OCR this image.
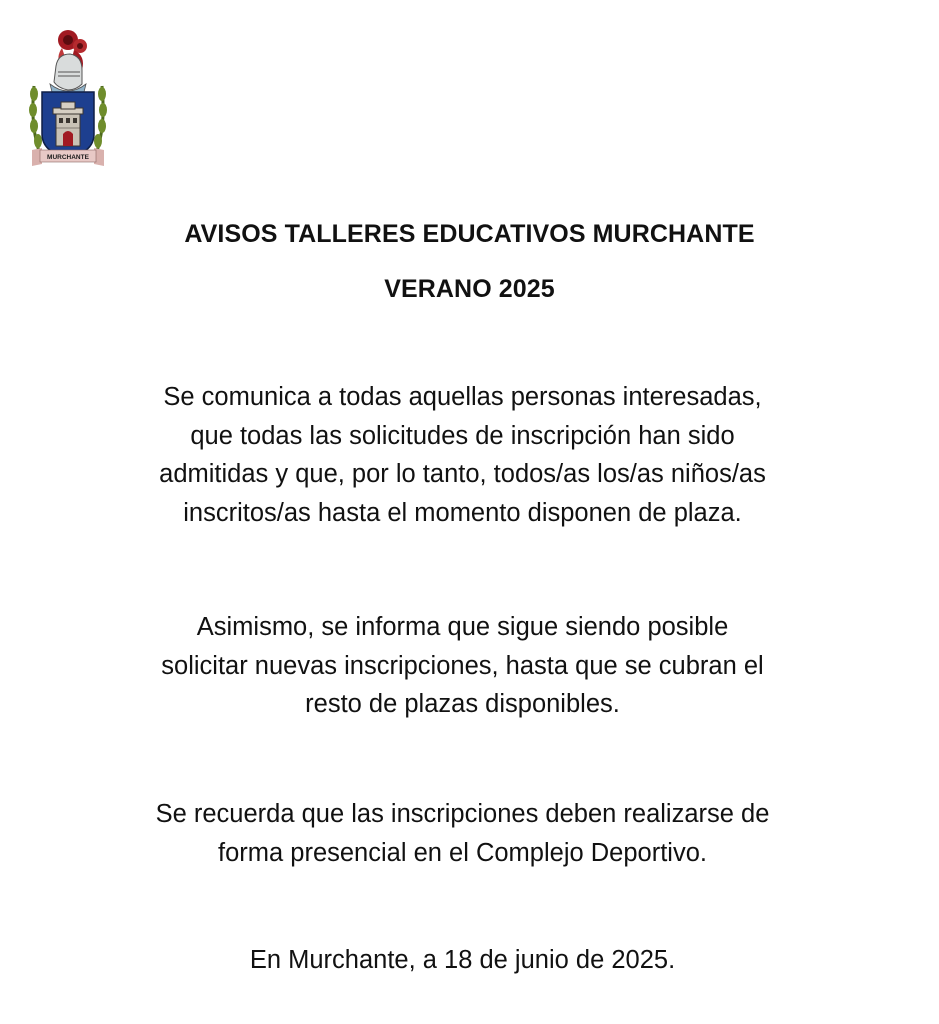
MURCHANTE
AVISOS TALLERES EDUCATIVOS MURCHANTE
VERANO 2025
Se comunica a todas aquellas personas interesadas,
que todas las solicitudes de inscripción han sido
admitidas y que, por lo tanto, todos/as los/as niños/as
inscritos/as hasta el momento disponen de plaza.
Asimismo, se informa que sigue siendo posible
solicitar nuevas inscripciones, hasta que se cubran el
resto de plazas disponibles.
Se recuerda que las inscripciones deben realizarse de
forma presencial en el Complejo Deportivo.
En Murchante, a 18 de junio de 2025.
